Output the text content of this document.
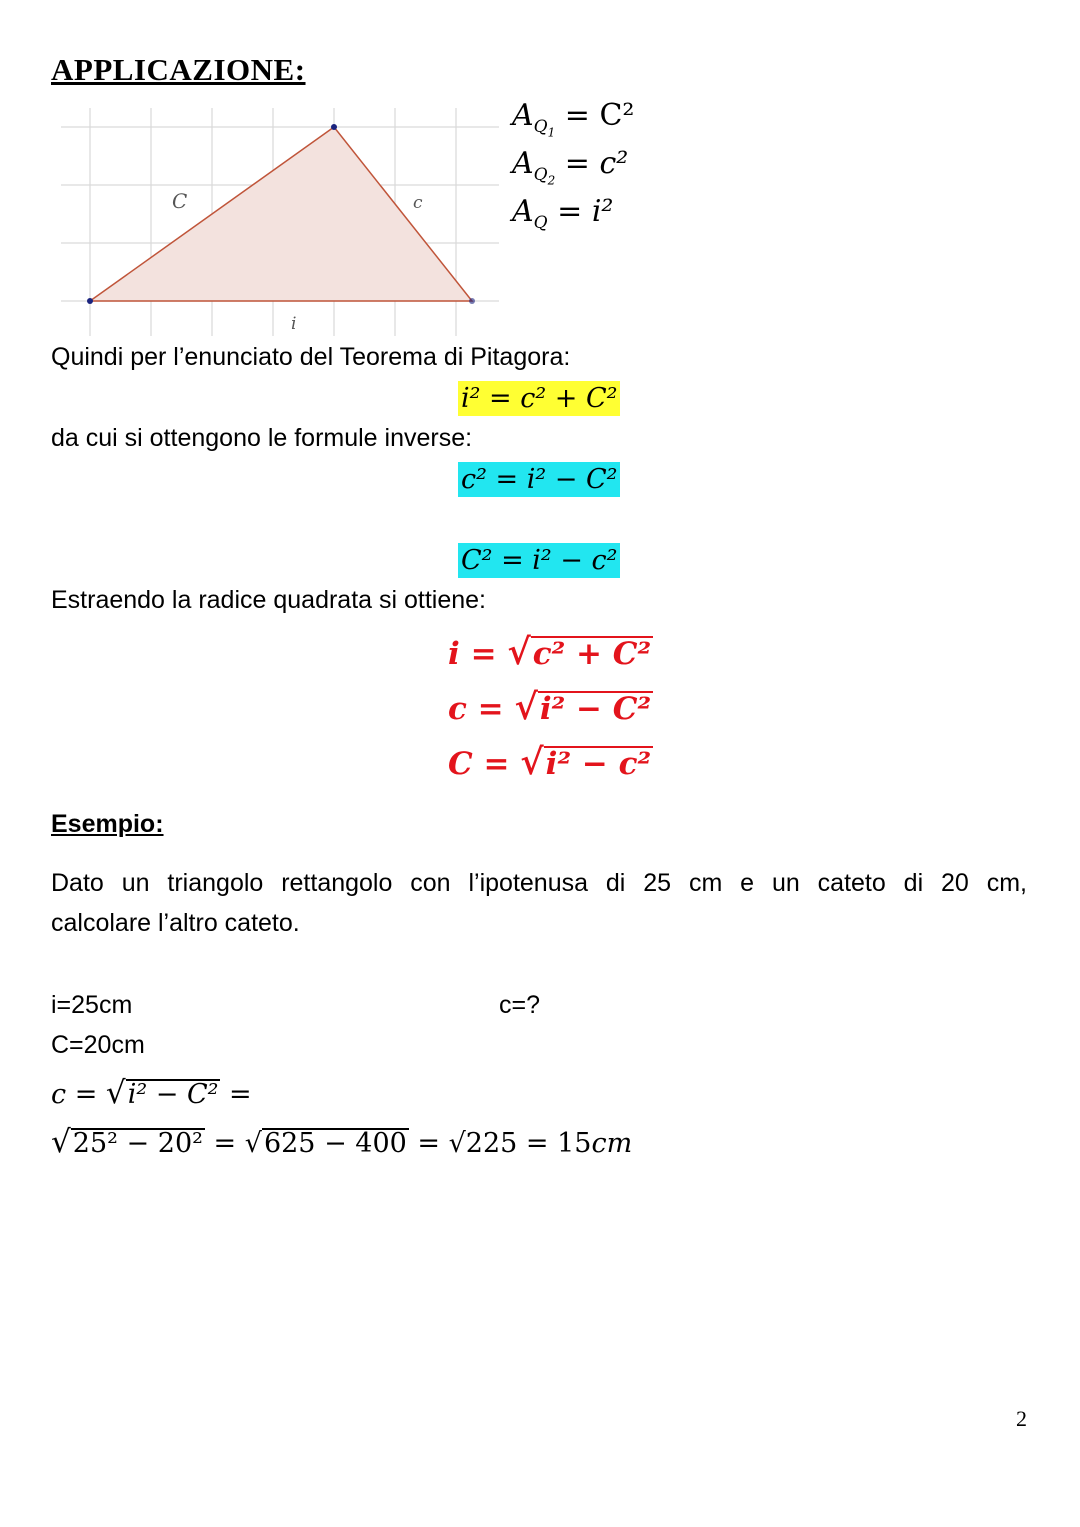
APPLICAZIONE:
C	c
i
$A_{Q_1} = C^2$
$A_{Q_2} = c^2$
$A_Q = i^2$
Quindi per l’enunciato del Teorema di Pitagora:
i² = c² + C²
da cui si ottengono le formule inverse:
c² = i² − C²
C² = i² − c²
Estraendo la radice quadrata si ottiene:
i = √c² + C²
c = √i² − C²
C = √i² − c²
Esempio:
Dato un triangolo rettangolo con l’ipotenusa di 25 cm e un cateto di 20 cm,
calcolare l’altro cateto.
i=25cm	c=?
C=20cm
c = √i² − C² =
√25² − 20² = √625 − 400 = √225 = 15cm
2
